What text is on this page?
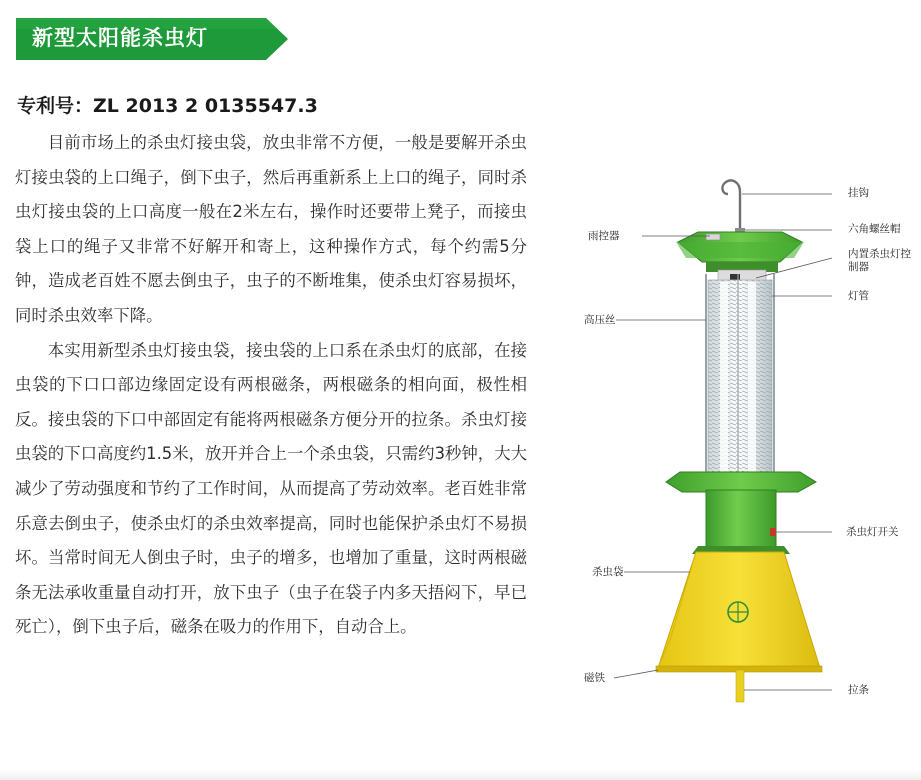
新型太阳能杀虫灯
专利号：ZL 2013 2 0135547.3

目前市场上的杀虫灯接虫袋，放虫非常不方便，一般是要解开杀虫灯接虫袋的上口绳子，倒下虫子，然后再重新系上上口的绳子，同时杀虫灯接虫袋的上口高度一般在2米左右，操作时还要带上凳子，而接虫袋上口的绳子又非常不好解开和寄上，这种操作方式，每个约需5分钟，造成老百姓不愿去倒虫子，虫子的不断堆集，使杀虫灯容易损坏，同时杀虫效率下降。

本实用新型杀虫灯接虫袋，接虫袋的上口系在杀虫灯的底部，在接虫袋的下口口部边缘固定设有两根磁条，两根磁条的相向面，极性相反。接虫袋的下口中部固定有能将两根磁条方便分开的拉条。杀虫灯接虫袋的下口高度约1.5米，放开并合上一个杀虫袋，只需约3秒钟，大大减少了劳动强度和节约了工作时间，从而提高了劳动效率。老百姓非常乐意去倒虫子，使杀虫灯的杀虫效率提高，同时也能保护杀虫灯不易损坏。当常时间无人倒虫子时，虫子的增多，也增加了重量，这时两根磁条无法承收重量自动打开，放下虫子（虫子在袋子内多天捂闷下，早已死亡），倒下虫子后，磁条在吸力的作用下，自动合上。

挂钩
六角螺丝帽
雨控器
内置杀虫灯控制器
灯管
高压丝
杀虫灯开关
杀虫袋
磁铁
拉条
